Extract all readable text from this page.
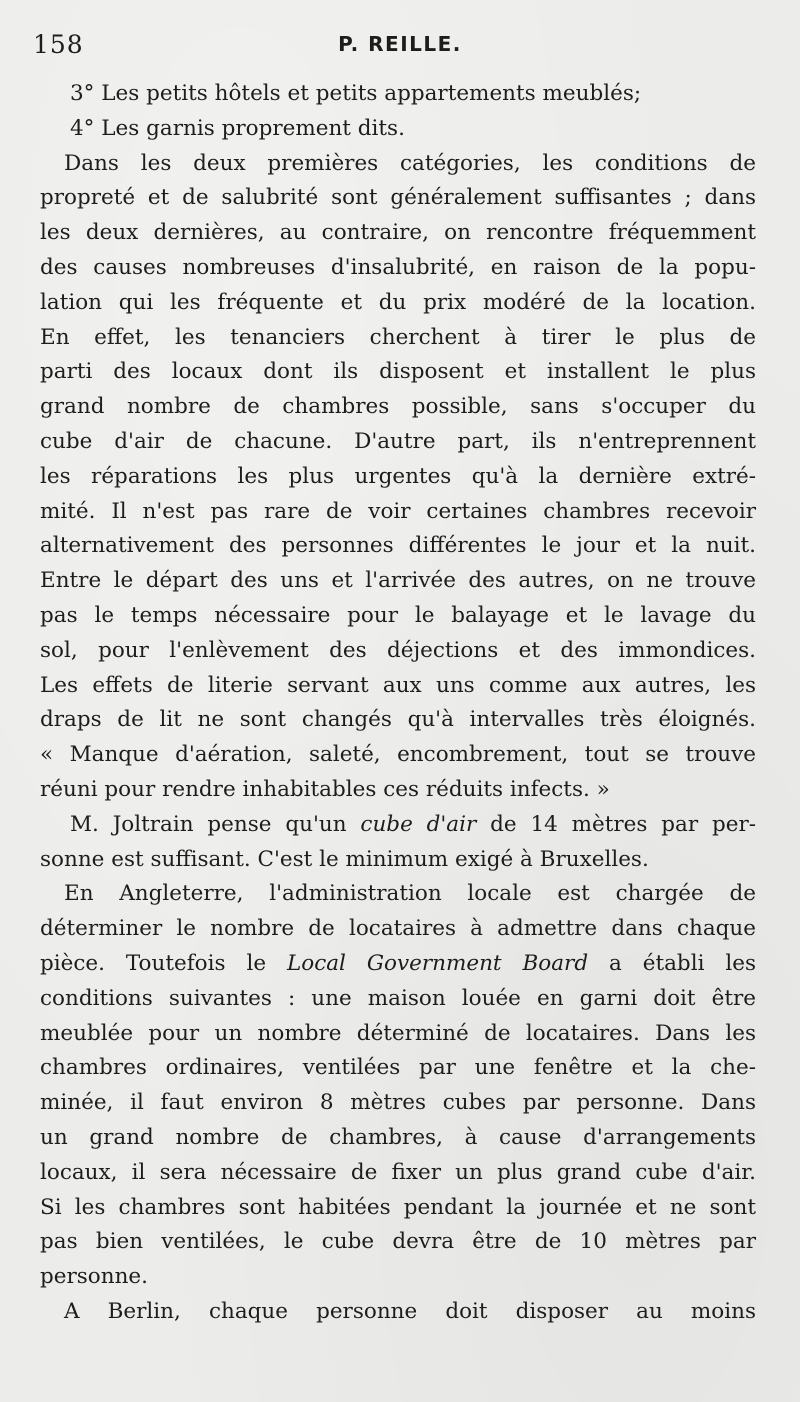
158	P. REILLE.
3° Les petits hôtels et petits appartements meublés;
4° Les garnis proprement dits.
Dans les deux premières catégories, les conditions de
propreté et de salubrité sont généralement suffisantes ; dans
les deux dernières, au contraire, on rencontre fréquemment
des causes nombreuses d'insalubrité, en raison de la popu-
lation qui les fréquente et du prix modéré de la location.
En effet, les tenanciers cherchent à tirer le plus de
parti des locaux dont ils disposent et installent le plus
grand nombre de chambres possible, sans s'occuper du
cube d'air de chacune. D'autre part, ils n'entreprennent
les réparations les plus urgentes qu'à la dernière extré-
mité. Il n'est pas rare de voir certaines chambres recevoir
alternativement des personnes différentes le jour et la nuit.
Entre le départ des uns et l'arrivée des autres, on ne trouve
pas le temps nécessaire pour le balayage et le lavage du
sol, pour l'enlèvement des déjections et des immondices.
Les effets de literie servant aux uns comme aux autres, les
draps de lit ne sont changés qu'à intervalles très éloignés.
« Manque d'aération, saleté, encombrement, tout se trouve
réuni pour rendre inhabitables ces réduits infects. »
M. Joltrain pense qu'un cube d'air de 14 mètres par per-
sonne est suffisant. C'est le minimum exigé à Bruxelles.
En Angleterre, l'administration locale est chargée de
déterminer le nombre de locataires à admettre dans chaque
pièce. Toutefois le Local Government Board a établi les
conditions suivantes : une maison louée en garni doit être
meublée pour un nombre déterminé de locataires. Dans les
chambres ordinaires, ventilées par une fenêtre et la che-
minée, il faut environ 8 mètres cubes par personne. Dans
un grand nombre de chambres, à cause d'arrangements
locaux, il sera nécessaire de fixer un plus grand cube d'air.
Si les chambres sont habitées pendant la journée et ne sont
pas bien ventilées, le cube devra être de 10 mètres par
personne.
A Berlin, chaque personne doit disposer au moins
